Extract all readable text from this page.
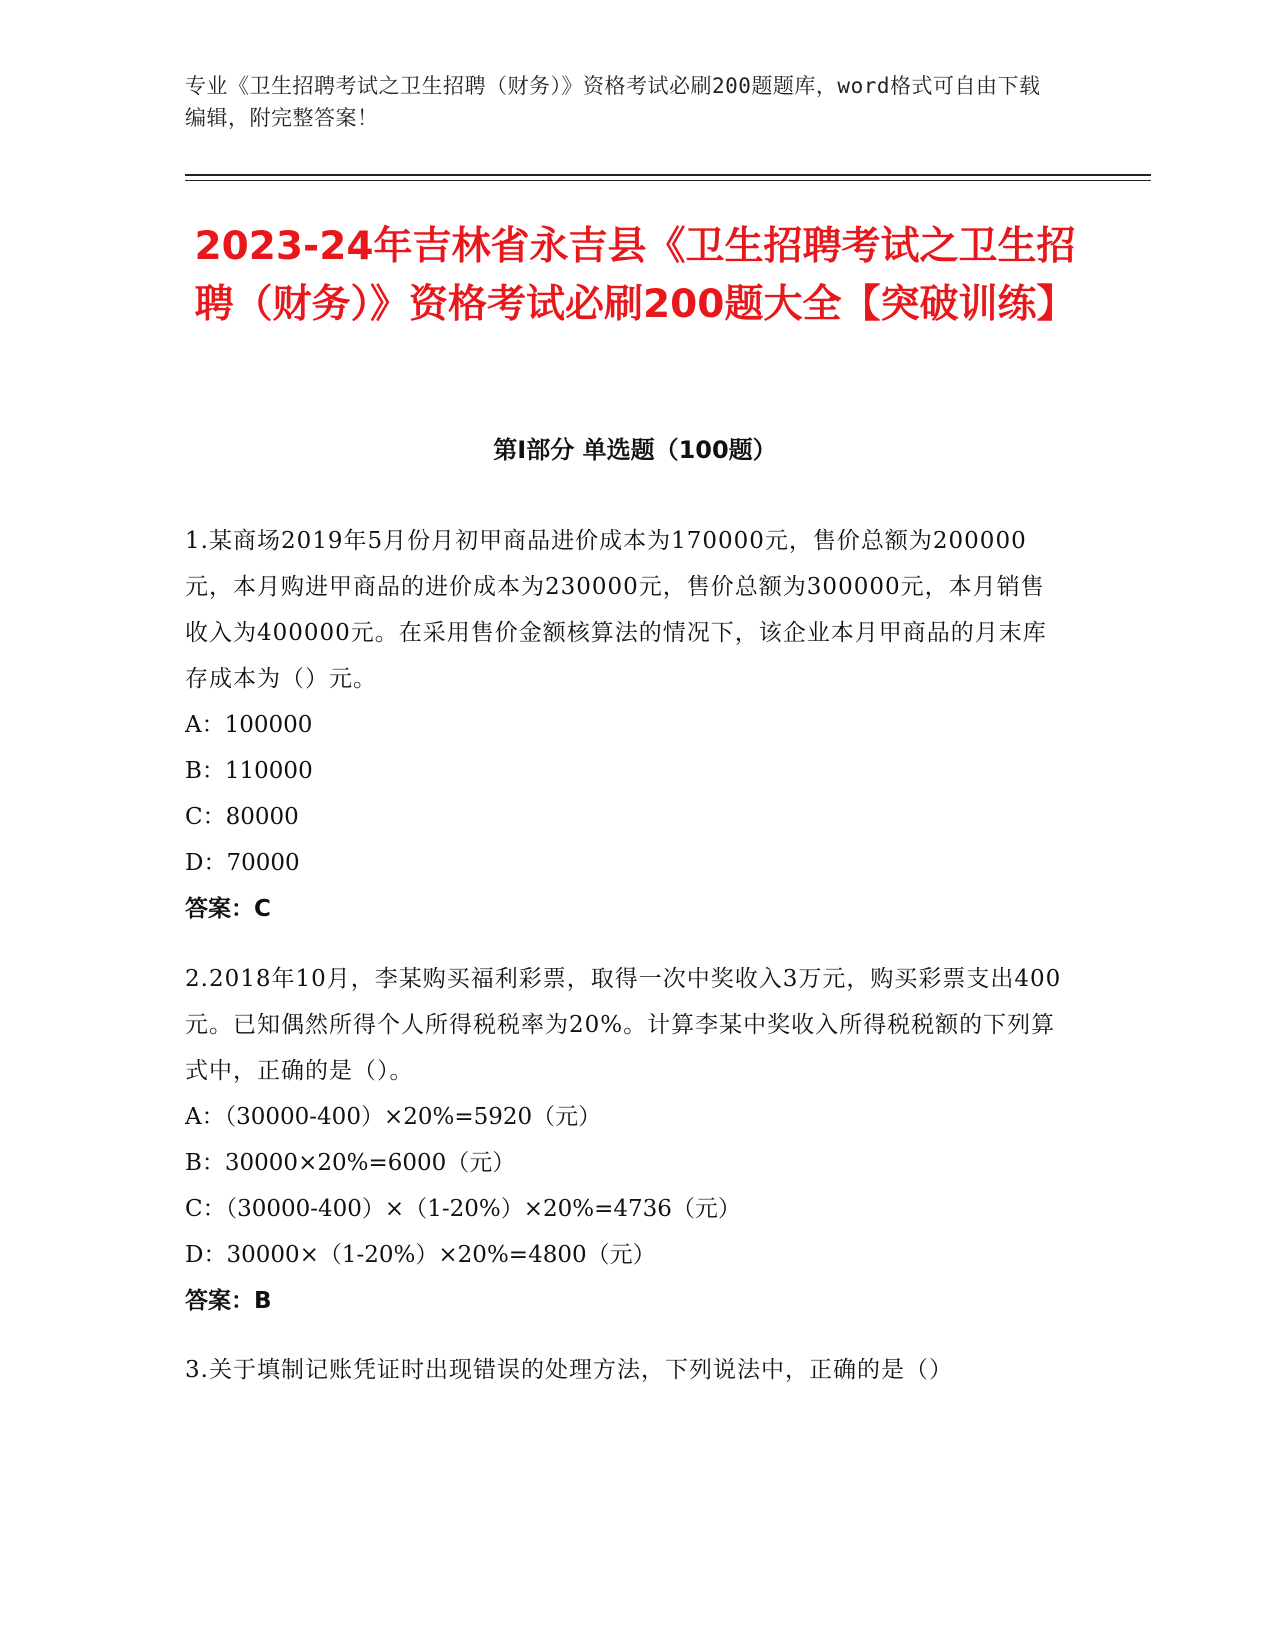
专业《卫生招聘考试之卫生招聘（财务）》资格考试必刷200题题库，word格式可自由下载编辑，附完整答案！
2023-24年吉林省永吉县《卫生招聘考试之卫生招聘（财务）》资格考试必刷200题大全【突破训练】
第I部分 单选题（100题）

1.某商场2019年5月份月初甲商品进价成本为170000元，售价总额为200000元，本月购进甲商品的进价成本为230000元，售价总额为300000元，本月销售收入为400000元。在采用售价金额核算法的情况下，该企业本月甲商品的月末库存成本为（）元。

A：100000

B：110000

C：80000

D：70000

答案：C

2.2018年10月，李某购买福利彩票，取得一次中奖收入3万元，购买彩票支出400元。已知偶然所得个人所得税税率为20%。计算李某中奖收入所得税税额的下列算式中，正确的是（）。

A：（30000-400）×20%=5920（元）

B：30000×20%=6000（元）

C：（30000-400）×（1-20%）×20%=4736（元）

D：30000×（1-20%）×20%=4800（元）

答案：B

3.关于填制记账凭证时出现错误的处理方法，下列说法中，正确的是（）
